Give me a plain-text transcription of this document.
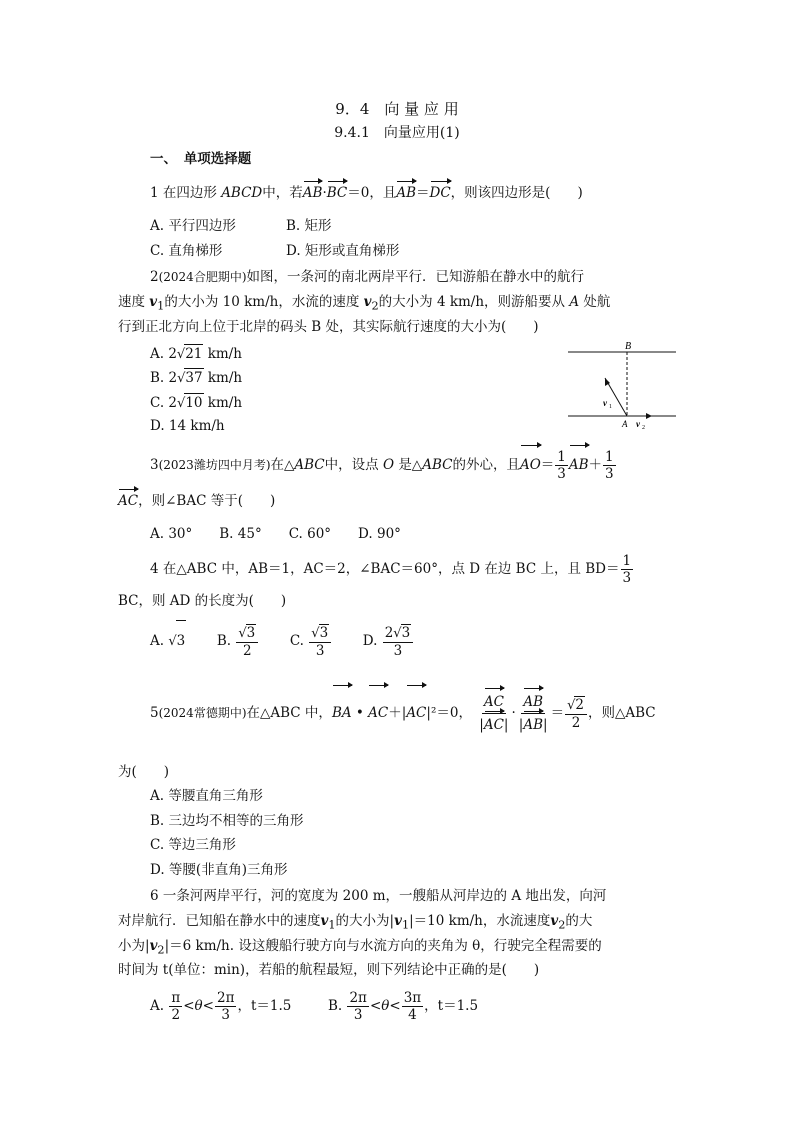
9．4　向 量 应 用
9.4.1　向量应用(1)
一、　单项选择题
1 在四边形 ABCD中，若AB·BC＝0，且AB＝DC，则该四边形是(　　)
A. 平行四边形	B. 矩形
C. 直角梯形	D. 矩形或直角梯形
2(2024合肥期中)如图，一条河的南北两岸平行．已知游船在静水中的航行
速度 $v_1$的大小为 10 km/h，水流的速度 $v_2$的大小为 4 km/h，则游船要从 A 处航
行到正北方向上位于北岸的码头 B 处，其实际航行速度的大小为(　　)
A. 2√21 km/h
B. 2√37 km/h
C. 2√10 km/h
D. 14 km/h
B
A
v 1
v 2
3(2023潍坊四中月考)在△ABC中，设点 O 是△ABC的外心，且$AO= \frac{1}{3} AB+ \frac{1}{3}$
AC，则∠BAC 等于(　　)
A. 30°　　B. 45°　　C. 60°　　D. 90°
4 在△ABC 中，AB＝1，AC＝2，∠BAC＝60°，点 D 在边 BC 上，且 $BD= \frac{1}{3}$
BC，则 AD 的长度为(　　)
A. √3 B. $\frac{√3}{2} C$. $\frac{√3}{3} D$. $\frac{2√3}{3}$
5(2024常德期中)在△ABC 中，BA • AC＋|AC|²＝0， $\frac{AC}{|AC|} \cdot \frac{AB}{|AB|} = \frac{√2}{2}$ ，则△ABC
为(　　)
A. 等腰直角三角形
B. 三边均不相等的三角形
C. 等边三角形
D. 等腰(非直角)三角形
6 一条河两岸平行，河的宽度为 200 m，一艘船从河岸边的 A 地出发，向河
对岸航行．已知船在静水中的速度$v_1$的大小为$|v_1|=10$ km/h，水流速度$v_2$的大
小为$|v_2|=6$ km/h. 设这艘船行驶方向与水流方向的夹角为 θ，行驶完全程需要的
时间为 t(单位：min)，若船的航程最短，则下列结论中正确的是(　　)
A. $\frac{\pi}{2} <\theta< \frac{2\pi}{3}$ ，t＝1.5	B. $\frac{2\pi}{3} <\theta< \frac{3\pi}{4}$ ，t＝1.5
